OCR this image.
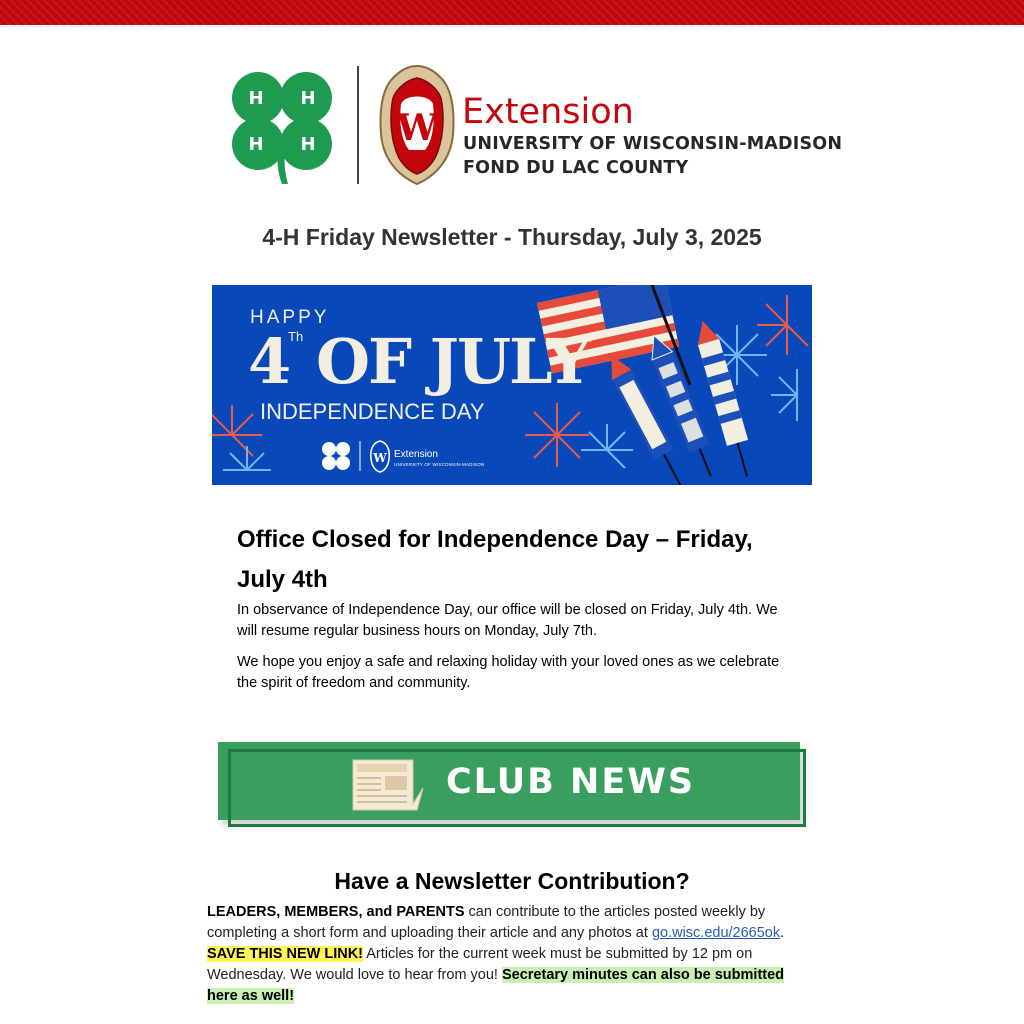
H H
H H W Extension
UNIVERSITY OF WISCONSIN-MADISON
FOND DU LAC COUNTY
4-H Friday Newsletter - Thursday, July 3, 2025
HAPPY
4
Th OF JULY
INDEPENDENCE DAY
W Extension
UNIVERSITY OF WISCONSIN-MADISON
Office Closed for Independence Day – Friday, July 4th
In observance of Independence Day, our office will be closed on Friday, July 4th. We will resume regular business hours on Monday, July 7th.
We hope you enjoy a safe and relaxing holiday with your loved ones as we celebrate the spirit of freedom and community.
CLUB NEWS
Have a Newsletter Contribution?
LEADERS, MEMBERS, and PARENTS can contribute to the articles posted weekly by completing a short form and uploading their article and any photos at go.wisc.edu/2665ok. SAVE THIS NEW LINK! Articles for the current week must be submitted by 12 pm on Wednesday. We would love to hear from you! Secretary minutes can also be submitted here as well!
